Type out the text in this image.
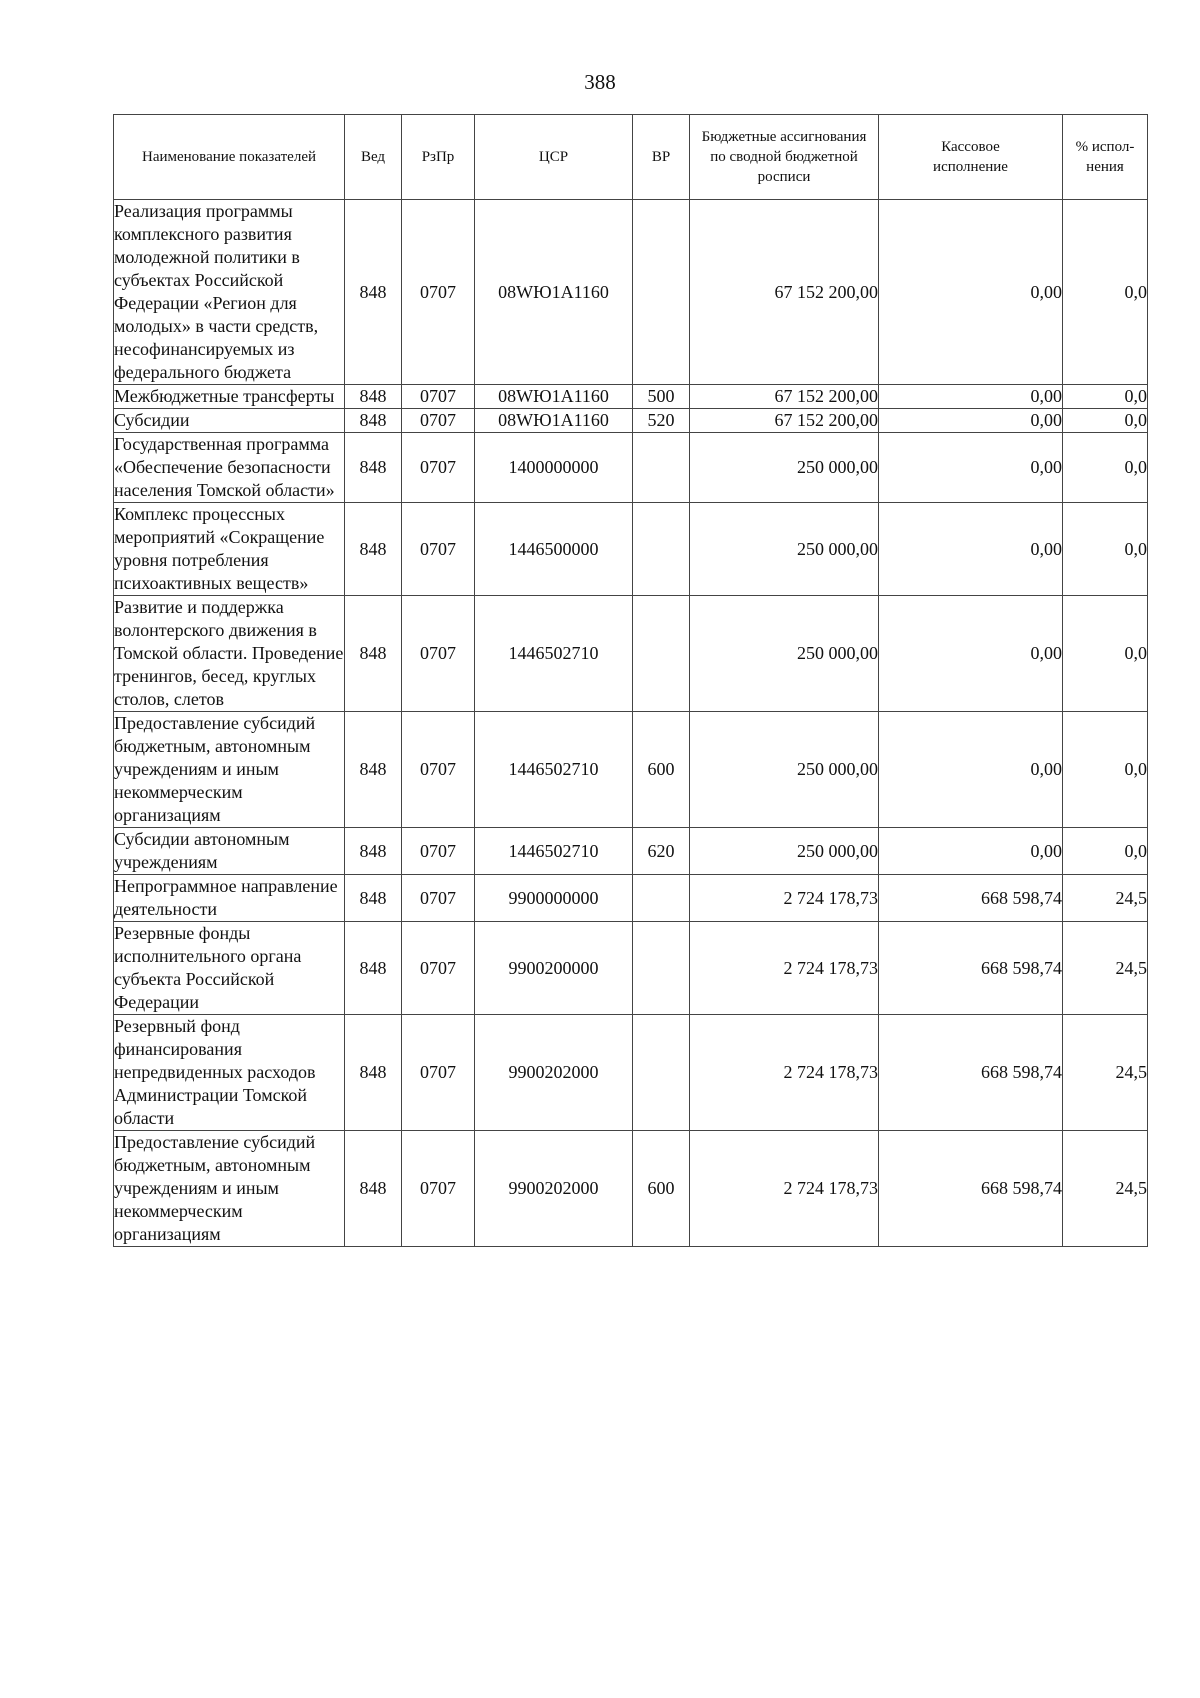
388
Наименование показателей	Вед	РзПр	ЦСР	ВР	Бюджетные ассигнования по сводной бюджетной росписи	Кассовое исполнение	% испол-нения
Реализация программы комплексного развития молодежной политики в субъектах Российской Федерации «Регион для молодых» в части средств, несофинансируемых из федерального бюджета	848	0707	08WЮ1A1160		67 152 200,00	0,00	0,0
Межбюджетные трансферты	848	0707	08WЮ1A1160	500	67 152 200,00	0,00	0,0
Субсидии	848	0707	08WЮ1A1160	520	67 152 200,00	0,00	0,0
Государственная программа «Обеспечение безопасности населения Томской области»	848	0707	1400000000		250 000,00	0,00	0,0
Комплекс процессных мероприятий «Сокращение уровня потребления психоактивных веществ»	848	0707	1446500000		250 000,00	0,00	0,0
Развитие и поддержка волонтерского движения в Томской области. Проведение тренингов, бесед, круглых столов, слетов	848	0707	1446502710		250 000,00	0,00	0,0
Предоставление субсидий бюджетным, автономным учреждениям и иным некоммерческим организациям	848	0707	1446502710	600	250 000,00	0,00	0,0
Субсидии автономным учреждениям	848	0707	1446502710	620	250 000,00	0,00	0,0
Непрограммное направление деятельности	848	0707	9900000000		2 724 178,73	668 598,74	24,5
Резервные фонды исполнительного органа субъекта Российской Федерации	848	0707	9900200000		2 724 178,73	668 598,74	24,5
Резервный фонд финансирования непредвиденных расходов Администрации Томской области	848	0707	9900202000		2 724 178,73	668 598,74	24,5
Предоставление субсидий бюджетным, автономным учреждениям и иным некоммерческим организациям	848	0707	9900202000	600	2 724 178,73	668 598,74	24,5
